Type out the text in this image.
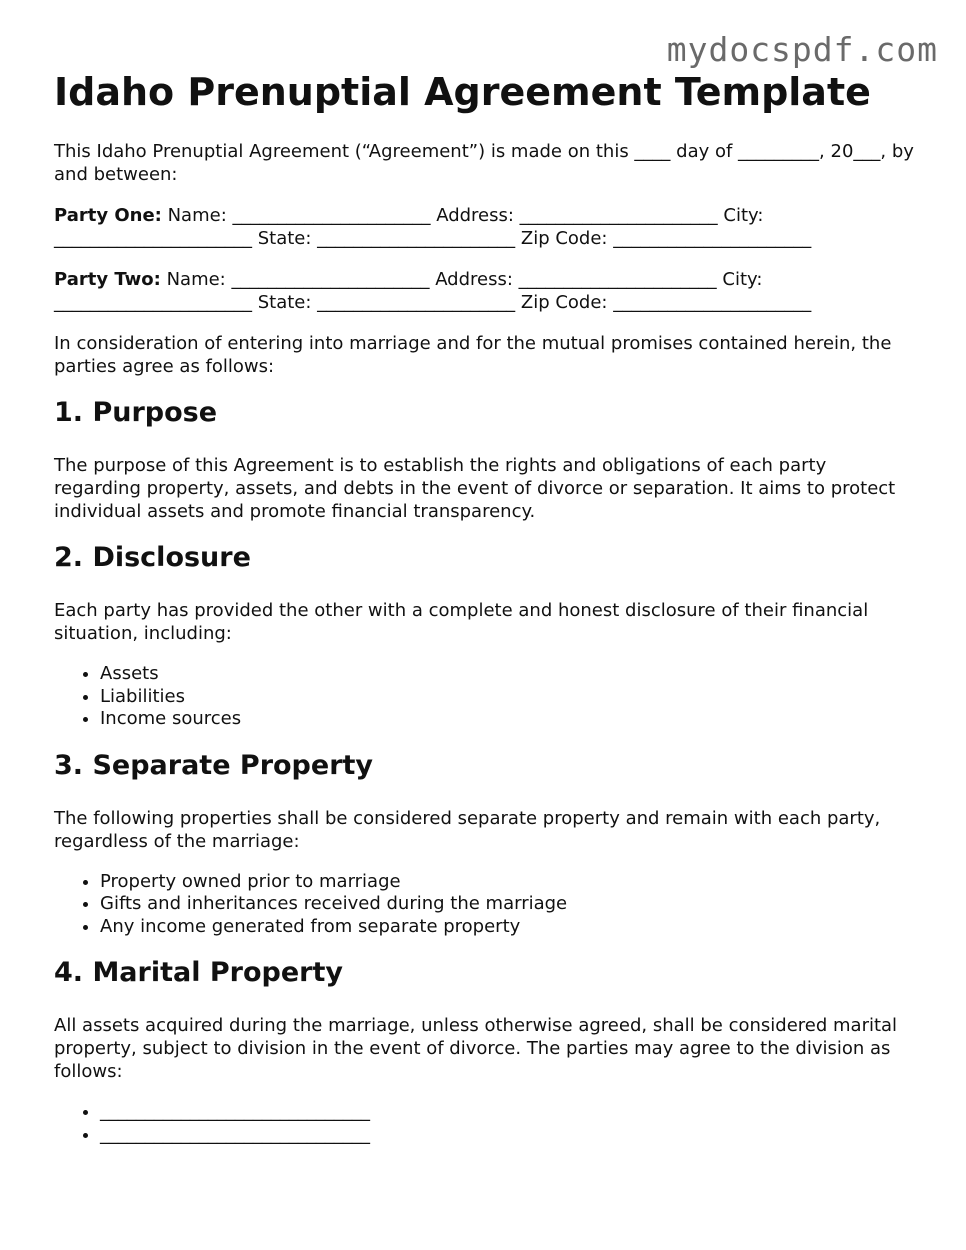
mydocspdf.com
Idaho Prenuptial Agreement Template

This Idaho Prenuptial Agreement (“Agreement”) is made on this ____ day of _________, 20___, by and between:

Party One: Name: ______________________ Address: ______________________ City: ______________________ State: ______________________ Zip Code: ______________________

Party Two: Name: ______________________ Address: ______________________ City: ______________________ State: ______________________ Zip Code: ______________________

In consideration of entering into marriage and for the mutual promises contained herein, the parties agree as follows:

1. Purpose

The purpose of this Agreement is to establish the rights and obligations of each party regarding property, assets, and debts in the event of divorce or separation. It aims to protect individual assets and promote financial transparency.

2. Disclosure

Each party has provided the other with a complete and honest disclosure of their financial situation, including:

• Assets
• Liabilities
• Income sources
3. Separate Property

The following properties shall be considered separate property and remain with each party, regardless of the marriage:

• Property owned prior to marriage
• Gifts and inheritances received during the marriage
• Any income generated from separate property
4. Marital Property

All assets acquired during the marriage, unless otherwise agreed, shall be considered marital property, subject to division in the event of divorce. The parties may agree to the division as follows:

• ______________________________
• ______________________________
